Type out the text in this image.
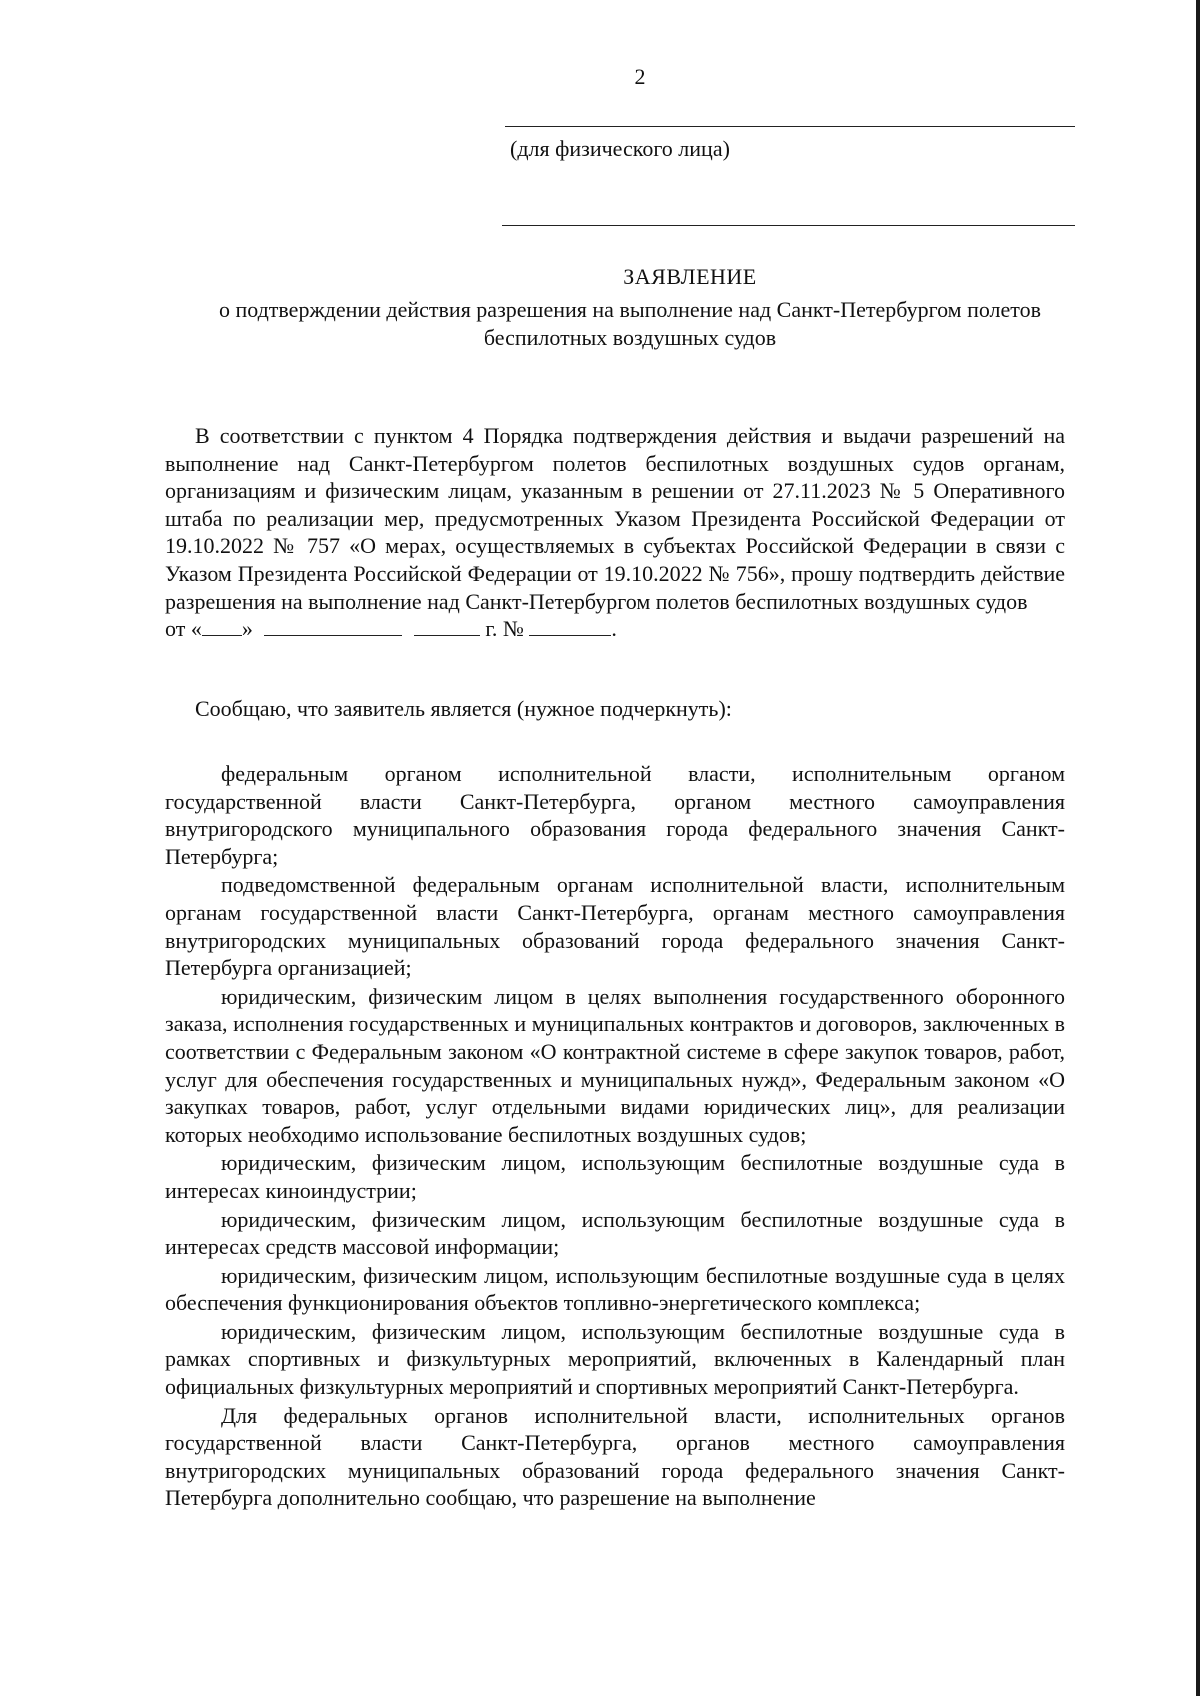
2
(для физического лица)
ЗАЯВЛЕНИЕ
о подтверждении действия разрешения на выполнение над Санкт-Петербургом полетов беспилотных воздушных судов

В соответствии с пунктом 4 Порядка подтверждения действия и выдачи разрешений на выполнение над Санкт-Петербургом полетов беспилотных воздушных судов органам, организациям и физическим лицам, указанным в решении от 27.11.2023 № 5 Оперативного штаба по реализации мер, предусмотренных Указом Президента Российской Федерации от 19.10.2022 № 757 «О мерах, осуществляемых в субъектах Российской Федерации в связи с Указом Президента Российской Федерации от 19.10.2022 № 756», прошу подтвердить действие разрешения на выполнение над Санкт-Петербургом полетов беспилотных воздушных судов

от « »	г. №	.

Сообщаю, что заявитель является (нужное подчеркнуть):

федеральным органом исполнительной власти, исполнительным органом государственной власти Санкт-Петербурга, органом местного самоуправления внутригородского муниципального образования города федерального значения Санкт-Петербурга;

подведомственной федеральным органам исполнительной власти, исполнительным органам государственной власти Санкт-Петербурга, органам местного самоуправления внутригородских муниципальных образований города федерального значения Санкт-Петербурга организацией;

юридическим, физическим лицом в целях выполнения государственного оборонного заказа, исполнения государственных и муниципальных контрактов и договоров, заключенных в соответствии с Федеральным законом «О контрактной системе в сфере закупок товаров, работ, услуг для обеспечения государственных и муниципальных нужд», Федеральным законом «О закупках товаров, работ, услуг отдельными видами юридических лиц», для реализации которых необходимо использование беспилотных воздушных судов;

юридическим, физическим лицом, использующим беспилотные воздушные суда в интересах киноиндустрии;

юридическим, физическим лицом, использующим беспилотные воздушные суда в интересах средств массовой информации;

юридическим, физическим лицом, использующим беспилотные воздушные суда в целях обеспечения функционирования объектов топливно-энергетического комплекса;

юридическим, физическим лицом, использующим беспилотные воздушные суда в рамках спортивных и физкультурных мероприятий, включенных в Календарный план официальных физкультурных мероприятий и спортивных мероприятий Санкт-Петербурга.

Для федеральных органов исполнительной власти, исполнительных органов государственной власти Санкт-Петербурга, органов местного самоуправления внутригородских муниципальных образований города федерального значения Санкт-Петербурга дополнительно сообщаю, что разрешение на выполнение
